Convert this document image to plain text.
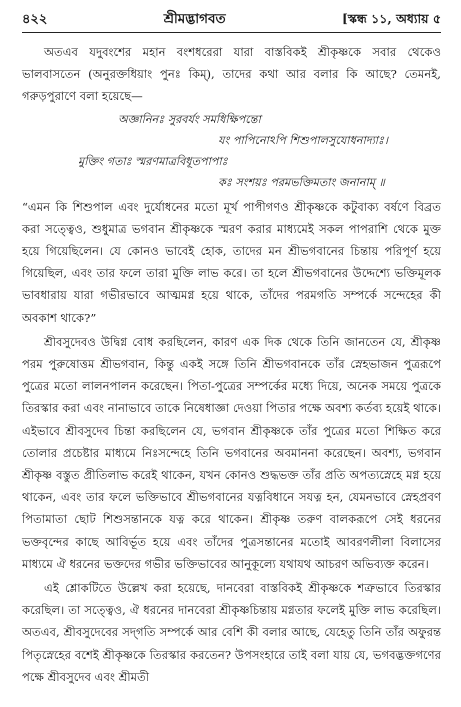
৪২২	শ্রীমদ্ভাগবত	[স্কন্ধ ১১, অধ্যায় ৫

অতএব যদুবংশের মহান বংশধরেরা যারা বাস্তবিকই শ্রীকৃষ্ণকে সবার থেকেও ভালবাসতেন (অনুরক্তধিয়াং পুনঃ কিম্), তাদের কথা আর বলার কি আছে? তেমনই, গরুড়পুরাণে বলা হয়েছে—

অজ্ঞানিনঃ সুরবর্যং সমধিক্ষিপন্তো
যং পাপিনোঽপি শিশুপালসুযোধনাদ্যাঃ।
মুক্তিং গতাঃ স্মরণমাত্রবিধূতপাপাঃ
কঃ সংশয়ঃ পরমভক্তিমতাং জনানাম্ ॥

“এমন কি শিশুপাল এবং দুর্যোধনের মতো মূর্খ পাপীগণও শ্রীকৃষ্ণকে কটুবাক্য বর্ষণে বিব্রত করা সত্ত্বেও, শুধুমাত্র ভগবান শ্রীকৃষ্ণকে স্মরণ করার মাধ্যমেই সকল পাপরাশি থেকে মুক্ত হয়ে গিয়েছিলেন। যে কোনও ভাবেই হোক, তাদের মন শ্রীভগবানের চিন্তায় পরিপূর্ণ হয়ে গিয়েছিল, এবং তার ফলে তারা মুক্তি লাভ করে। তা হলে শ্রীভগবানের উদ্দেশ্যে ভক্তিমূলক ভাবধারায় যারা গভীরভাবে আত্মমগ্ন হয়ে থাকে, তাঁদের পরমগতি সম্পর্কে সন্দেহের কী অবকাশ থাকে?”

শ্রীবসুদেবও উদ্বিগ্ন বোধ করছিলেন, কারণ এক দিক থেকে তিনি জানতেন যে, শ্রীকৃষ্ণ পরম পুরুষোত্তম শ্রীভগবান, কিন্তু একই সঙ্গে তিনি শ্রীভগবানকে তাঁর স্নেহভাজন পুত্ররূপে পুত্রের মতো লালনপালন করেছেন। পিতা-পুত্রের সম্পর্কের মধ্যে দিয়ে, অনেক সময়ে পুত্রকে তিরস্কার করা এবং নানাভাবে তাকে নিষেধাজ্ঞা দেওয়া পিতার পক্ষে অবশ্য কর্তব্য হয়েই থাকে। এইভাবে শ্রীবসুদেব চিন্তা করছিলেন যে, ভগবান শ্রীকৃষ্ণকে তাঁর পুত্রের মতো শিক্ষিত করে তোলার প্রচেষ্টার মাধ্যমে নিঃসন্দেহে তিনি ভগবানের অবমাননা করেছেন। অবশ্য, ভগবান শ্রীকৃষ্ণ বস্তুত প্রীতিলাভ করেই থাকেন, যখন কোনও শুদ্ধভক্ত তাঁর প্রতি অপত্যস্নেহে মগ্ন হয়ে থাকেন, এবং তার ফলে ভক্তিভাবে শ্রীভগবানের যত্নবিধানে সযত্ন হন, যেমনভাবে স্নেহপ্রবণ পিতামাতা ছোট শিশুসন্তানকে যত্ন করে থাকেন। শ্রীকৃষ্ণ তরুণ বালকরূপে সেই ধরনের ভক্তবৃন্দের কাছে আবির্ভূত হয়ে এবং তাঁদের পুত্রসন্তানের মতোই আবরণলীলা বিলাসের মাধ্যমে ঐ ধরনের ভক্তদের গভীর ভক্তিভাবের আনুকূল্যে যথাযথ আচরণ অভিব্যক্ত করেন।

এই শ্লোকটিতে উল্লেখ করা হয়েছে, দানবেরা বাস্তবিকই শ্রীকৃষ্ণকে শত্রুভাবে তিরস্কার করেছিল। তা সত্ত্বেও, ঐ ধরনের দানবেরা শ্রীকৃষ্ণচিন্তায় মগ্নতার ফলেই মুক্তি লাভ করেছিল। অতএব, শ্রীবসুদেবের সদ্‌গতি সম্পর্কে আর বেশি কী বলার আছে, যেহেতু তিনি তাঁর অফুরন্ত পিতৃস্নেহের বশেই শ্রীকৃষ্ণকে তিরস্কার করতেন? উপসংহারে তাই বলা যায় যে, ভগবদ্ভক্তগণের পক্ষে শ্রীবসুদেব এবং শ্রীমতী
